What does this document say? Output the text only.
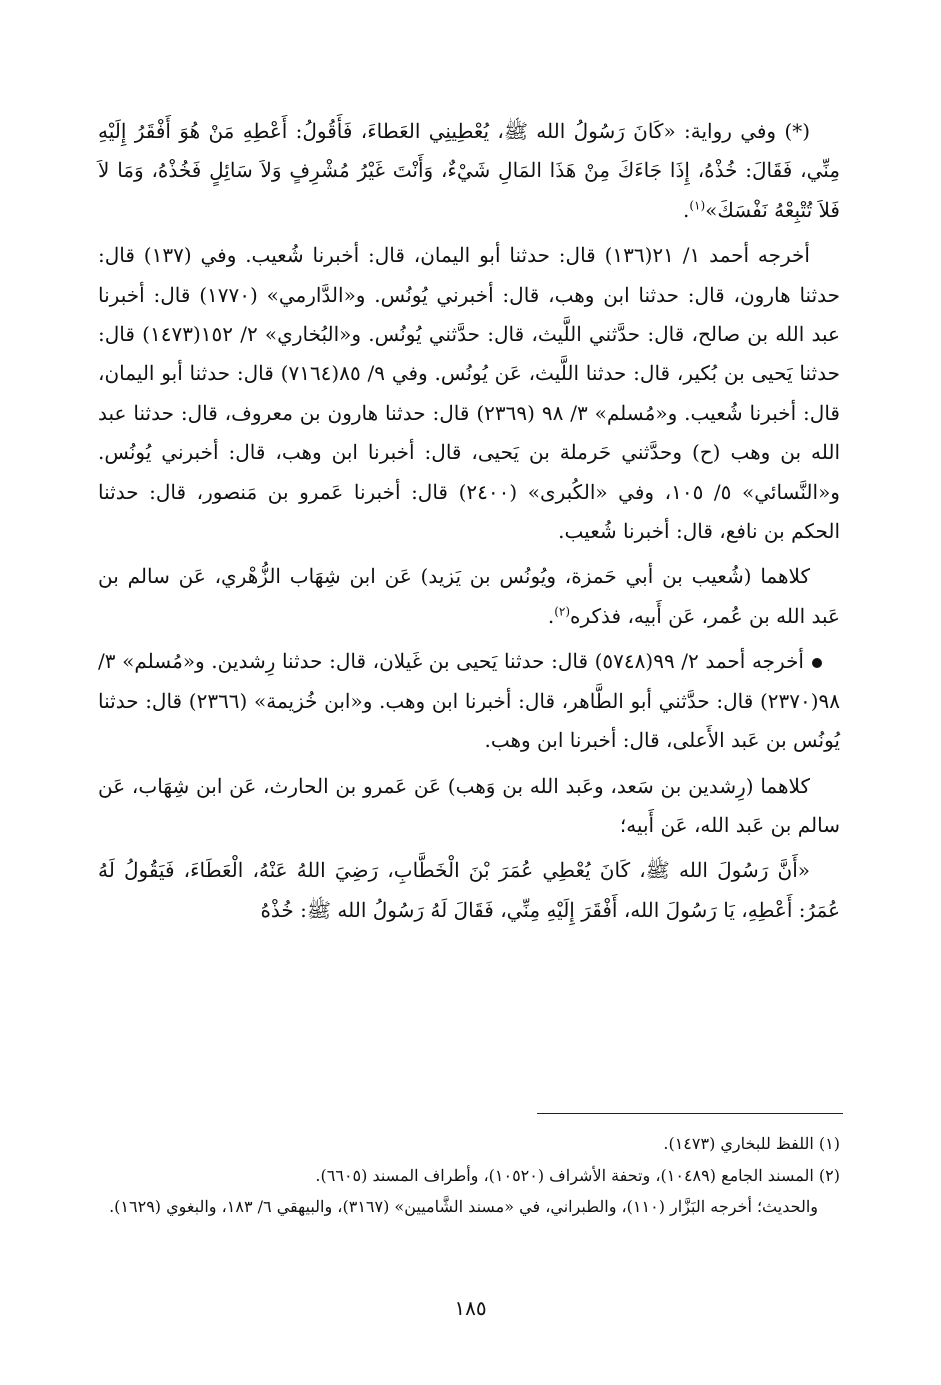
(*) وفي رواية: «كَانَ رَسُولُ الله ﷺ، يُعْطِينِي العَطاءَ، فَأَقُولُ: أَعْطِهِ مَنْ هُوَ أَفْقَرُ إِلَيْهِ مِنِّي، فَقَالَ: خُذْهُ، إِذَا جَاءَكَ مِنْ هَذَا المَالِ شَيْءٌ، وَأَنْتَ غَيْرُ مُشْرِفٍ وَلاَ سَائِلٍ فَخُذْهُ، وَمَا لاَ فَلاَ تُتْبِعْهُ نَفْسَكَ»$^{(١)}$.

أخرجه أحمد ١/ ٢١(١٣٦) قال: حدثنا أبو اليمان، قال: أخبرنا شُعيب. وفي (١٣٧) قال: حدثنا هارون، قال: حدثنا ابن وهب، قال: أخبرني يُونُس. و«الدَّارمي» (١٧٧٠) قال: أخبرنا عبد الله بن صالح، قال: حدَّثني اللَّيث، قال: حدَّثني يُونُس. و«البُخاري» ٢/ ١٥٢(١٤٧٣) قال: حدثنا يَحيى بن بُكير، قال: حدثنا اللَّيث، عَن يُونُس. وفي ٩/ ٨٥(٧١٦٤) قال: حدثنا أبو اليمان، قال: أخبرنا شُعيب. و«مُسلم» ٣/ ٩٨ (٢٣٦٩) قال: حدثنا هارون بن معروف، قال: حدثنا عبد الله بن وهب (ح) وحدَّثني حَرملة بن يَحيى، قال: أخبرنا ابن وهب، قال: أخبرني يُونُس. و«النَّسائي» ٥/ ١٠٥، وفي «الكُبرى» (٢٤٠٠) قال: أخبرنا عَمرو بن مَنصور، قال: حدثنا الحكم بن نافع، قال: أخبرنا شُعيب.

كلاهما (شُعيب بن أبي حَمزة، ويُونُس بن يَزيد) عَن ابن شِهَاب الزُّهْري، عَن سالم بن عَبد الله بن عُمر، عَن أَبيه، فذكره$^{(٢)}$.

أخرجه أحمد ٢/ ٩٩(٥٧٤٨) قال: حدثنا يَحيى بن غَيلان، قال: حدثنا رِشدين. و«مُسلم» ٣/ ٩٨(٢٣٧٠) قال: حدَّثني أبو الطَّاهر، قال: أخبرنا ابن وهب. و«ابن خُزيمة» (٢٣٦٦) قال: حدثنا يُونُس بن عَبد الأَعلى، قال: أخبرنا ابن وهب.

كلاهما (رِشدين بن سَعد، وعَبد الله بن وَهب) عَن عَمرو بن الحارث، عَن ابن شِهَاب، عَن سالم بن عَبد الله، عَن أَبيه؛

«أَنَّ رَسُولَ الله ﷺ، كَانَ يُعْطِي عُمَرَ بْنَ الْخَطَّابِ، رَضِيَ اللهُ عَنْهُ، الْعَطَاءَ، فَيَقُولُ لَهُ عُمَرُ: أَعْطِهِ، يَا رَسُولَ الله، أَفْقَرَ إِلَيْهِ مِنِّي، فَقَالَ لَهُ رَسُولُ الله ﷺ: خُذْهُ

(١) اللفظ للبخاري (١٤٧٣).

(٢) المسند الجامع (١٠٤٨٩)، وتحفة الأشراف (١٠٥٢٠)، وأطراف المسند (٦٦٠٥).

والحديث؛ أخرجه البَزَّار (١١٠)، والطبراني، في «مسند الشَّاميين» (٣١٦٧)، والبيهقي ٦/ ١٨٣، والبغوي (١٦٢٩).

١٨٥
